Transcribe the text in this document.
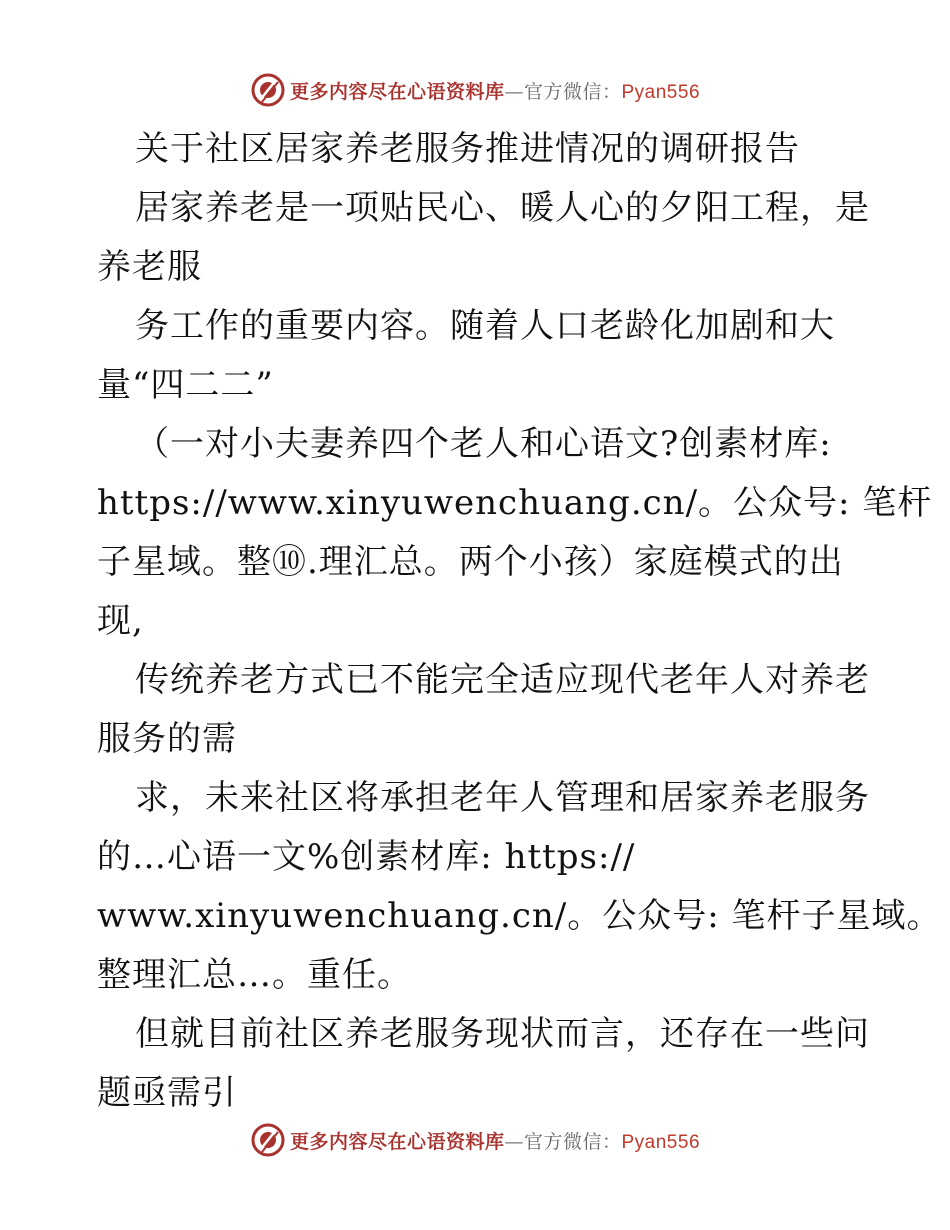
更多内容尽在心语资料库—官方微信：Pyan556
关于社区居家养老服务推进情况的调研报告
居家养老是一项贴民心、暖人心的夕阳工程，是
养老服
务工作的重要内容。随着人口老龄化加剧和大
量“四二二”
（一对小夫妻养四个老人和心语文?创素材库:
https://www.xinyuwenchuang.cn/。公众号: 笔杆
子星域。整⑩.理汇总。两个小孩）家庭模式的出
现,
传统养老方式已不能完全适应现代老年人对养老
服务的需
求，未来社区将承担老年人管理和居家养老服务
的…心语一文%创素材库: https://
www.xinyuwenchuang.cn/。公众号: 笔杆子星域。
整理汇总…。重任。
但就目前社区养老服务现状而言，还存在一些问
题亟需引
更多内容尽在心语资料库—官方微信：Pyan556
